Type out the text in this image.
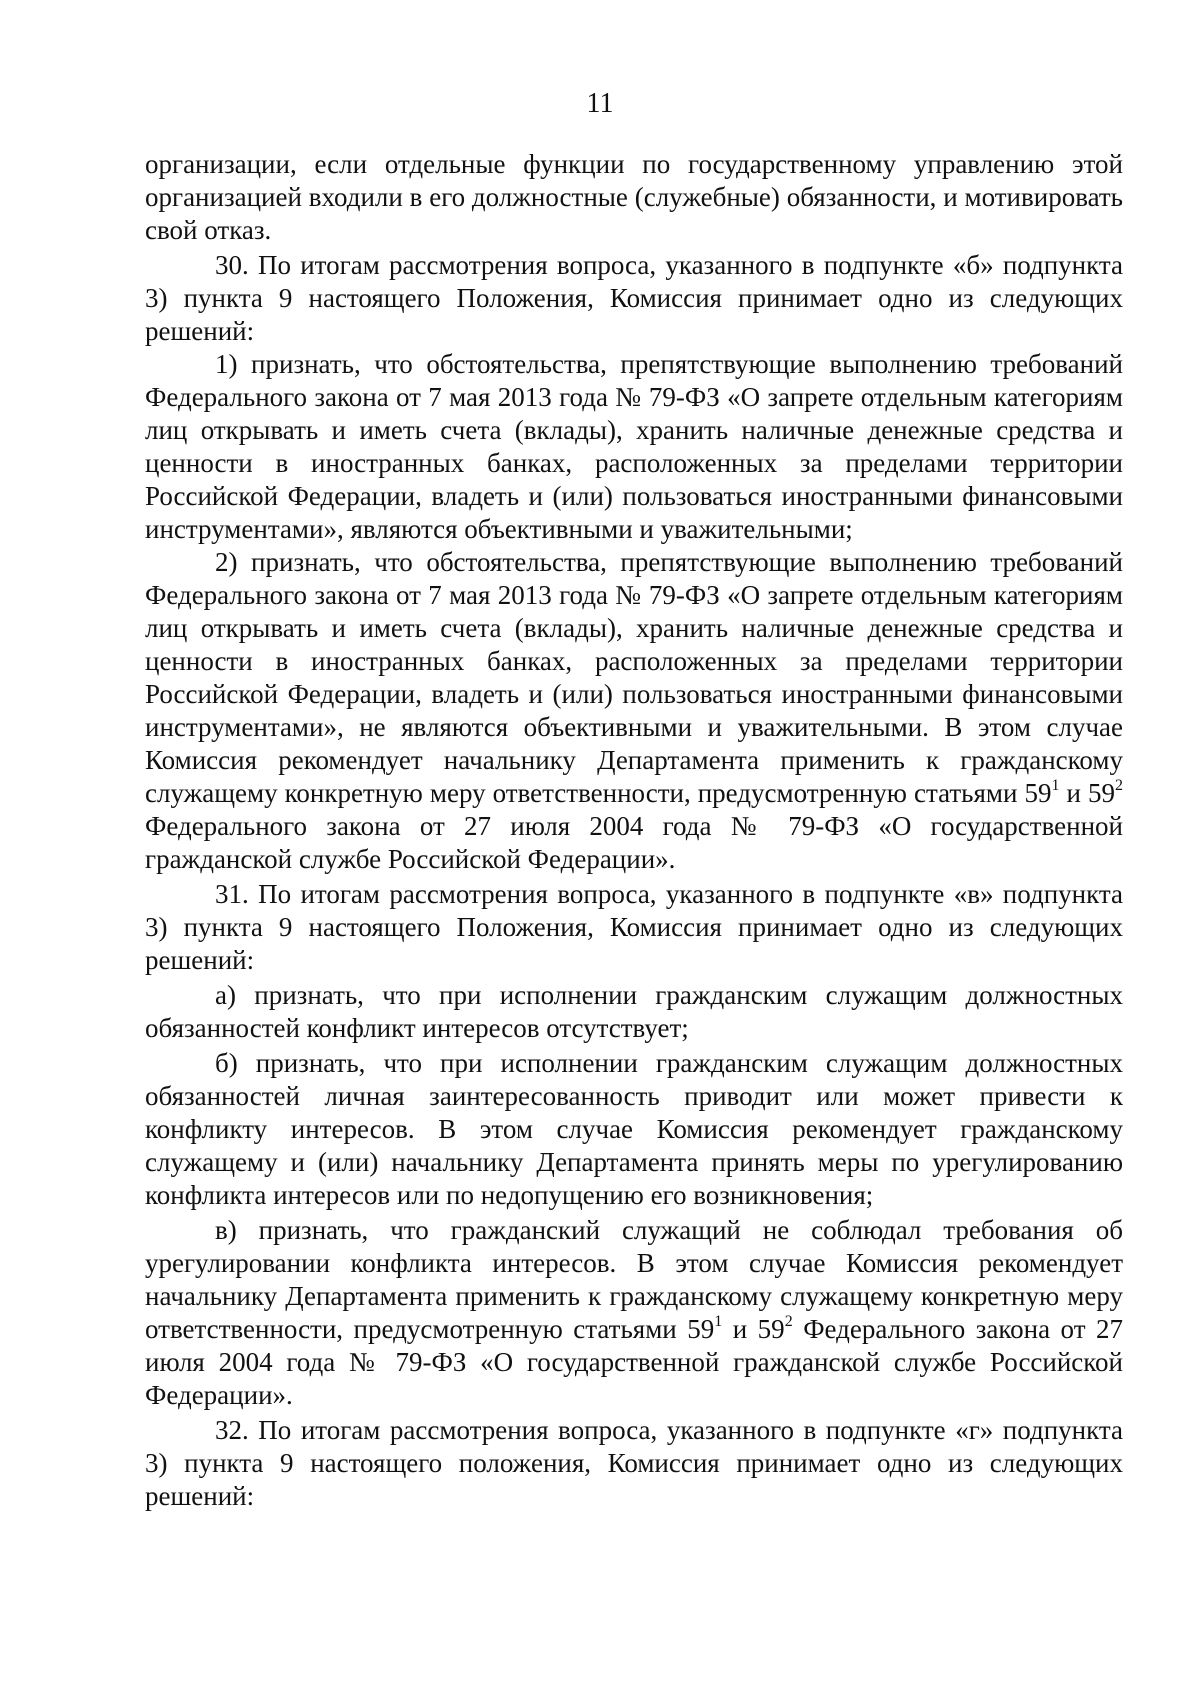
11

организации, если отдельные функции по государственному управлению этой организацией входили в его должностные (служебные) обязанности, и мотивировать свой отказ.

30. По итогам рассмотрения вопроса, указанного в подпункте «б» подпункта 3) пункта 9 настоящего Положения, Комиссия принимает одно из следующих решений:

1) признать, что обстоятельства, препятствующие выполнению требований Федерального закона от 7 мая 2013 года № 79-ФЗ «О запрете отдельным категориям лиц открывать и иметь счета (вклады), хранить наличные денежные средства и ценности в иностранных банках, расположенных за пределами территории Российской Федерации, владеть и (или) пользоваться иностранными финансовыми инструментами», являются объективными и уважительными;

2) признать, что обстоятельства, препятствующие выполнению требований Федерального закона от 7 мая 2013 года № 79-ФЗ «О запрете отдельным категориям лиц открывать и иметь счета (вклады), хранить наличные денежные средства и ценности в иностранных банках, расположенных за пределами территории Российской Федерации, владеть и (или) пользоваться иностранными финансовыми инструментами», не являются объективными и уважительными. В этом случае Комиссия рекомендует начальнику Департамента применить к гражданскому служащему конкретную меру ответственности, предусмотренную статьями $59^1$ и $59^2$ Федерального закона от 27 июля 2004 года № 79-ФЗ «О государственной гражданской службе Российской Федерации».

31. По итогам рассмотрения вопроса, указанного в подпункте «в» подпункта 3) пункта 9 настоящего Положения, Комиссия принимает одно из следующих решений:

а) признать, что при исполнении гражданским служащим должностных обязанностей конфликт интересов отсутствует;

б) признать, что при исполнении гражданским служащим должностных обязанностей личная заинтересованность приводит или может привести к конфликту интересов. В этом случае Комиссия рекомендует гражданскому служащему и (или) начальнику Департамента принять меры по урегулированию конфликта интересов или по недопущению его возникновения;

в) признать, что гражданский служащий не соблюдал требования об урегулировании конфликта интересов. В этом случае Комиссия рекомендует начальнику Департамента применить к гражданскому служащему конкретную меру ответственности, предусмотренную статьями $59^1$ и $59^2$ Федерального закона от 27 июля 2004 года № 79-ФЗ «О государственной гражданской службе Российской Федерации».

32. По итогам рассмотрения вопроса, указанного в подпункте «г» подпункта 3) пункта 9 настоящего положения, Комиссия принимает одно из следующих решений:
